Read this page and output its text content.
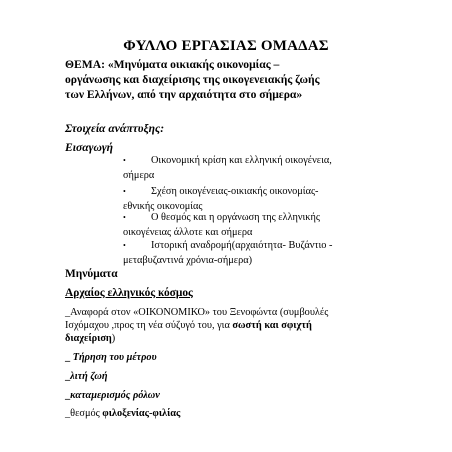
ΦΥΛΛΟ ΕΡΓΑΣΙΑΣ ΟΜΑΔΑΣ
ΘΕΜΑ: «Μηνύματα οικιακής οικονομίας –
οργάνωσης και διαχείρισης της οικογενειακής ζωής
των Ελλήνων, από την αρχαιότητα στο σήμερα»
Στοιχεία ανάπτυξης:
Εισαγωγή
• Οικονομική κρίση και ελληνική οικογένεια,
σήμερα
• Σχέση οικογένειας-οικιακής οικονομίας-
εθνικής οικονομίας
• Ο θεσμός και η οργάνωση της ελληνικής
οικογένειας άλλοτε και σήμερα
• Ιστορική αναδρομή(αρχαιότητα- Βυζάντιο -
μεταβυζαντινά χρόνια-σήμερα)
Μηνύματα
Αρχαίος ελληνικός κόσμος
_Αναφορά στον «ΟΙΚΟΝΟΜΙΚΟ» του Ξενοφώντα (συμβουλές
Ισχόμαχου ,προς τη νέα σύζυγό του, για σωστή και σφιχτή
διαχείριση)
_ Τήρηση του μέτρου
_λιτή ζωή
_καταμερισμός ρόλων
_θεσμός φιλοξενίας-φιλίας
